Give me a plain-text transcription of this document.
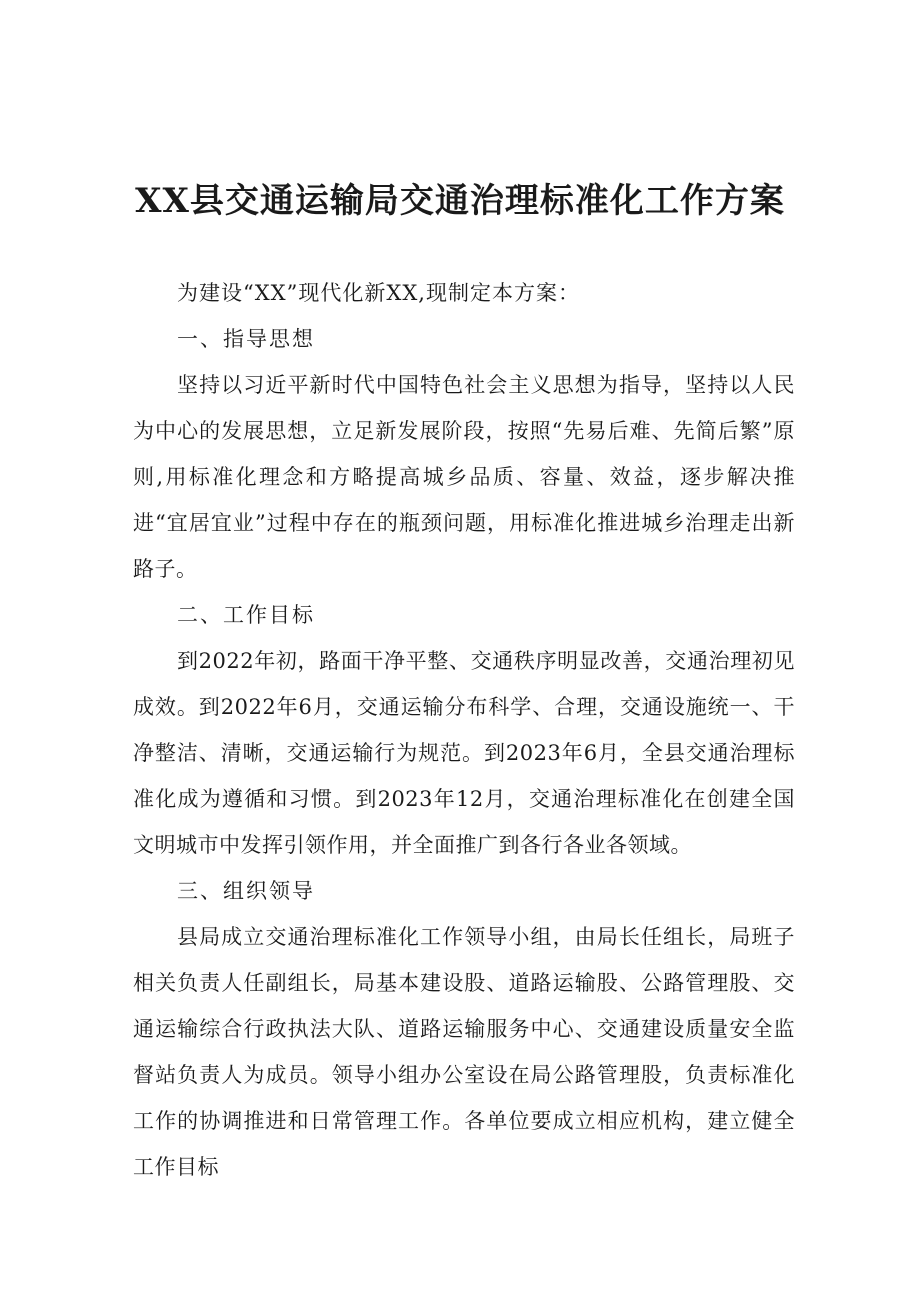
XX县交通运输局交通治理标准化工作方案

为建设“XX”现代化新XX,现制定本方案：

一、指导思想

坚持以习近平新时代中国特色社会主义思想为指导，坚持以人民为中心的发展思想，立足新发展阶段，按照“先易后难、先简后繁”原则,用标准化理念和方略提高城乡品质、容量、效益，逐步解决推进“宜居宜业”过程中存在的瓶颈问题，用标准化推进城乡治理走出新路子。

二、工作目标

到2022年初，路面干净平整、交通秩序明显改善，交通治理初见成效。到2022年6月，交通运输分布科学、合理，交通设施统一、干净整洁、清晰，交通运输行为规范。到2023年6月，全县交通治理标准化成为遵循和习惯。到2023年12月，交通治理标准化在创建全国文明城市中发挥引领作用，并全面推广到各行各业各领域。

三、组织领导

县局成立交通治理标准化工作领导小组，由局长任组长，局班子相关负责人任副组长，局基本建设股、道路运输股、公路管理股、交通运输综合行政执法大队、道路运输服务中心、交通建设质量安全监督站负责人为成员。领导小组办公室设在局公路管理股，负责标准化工作的协调推进和日常管理工作。各单位要成立相应机构，建立健全工作目标
